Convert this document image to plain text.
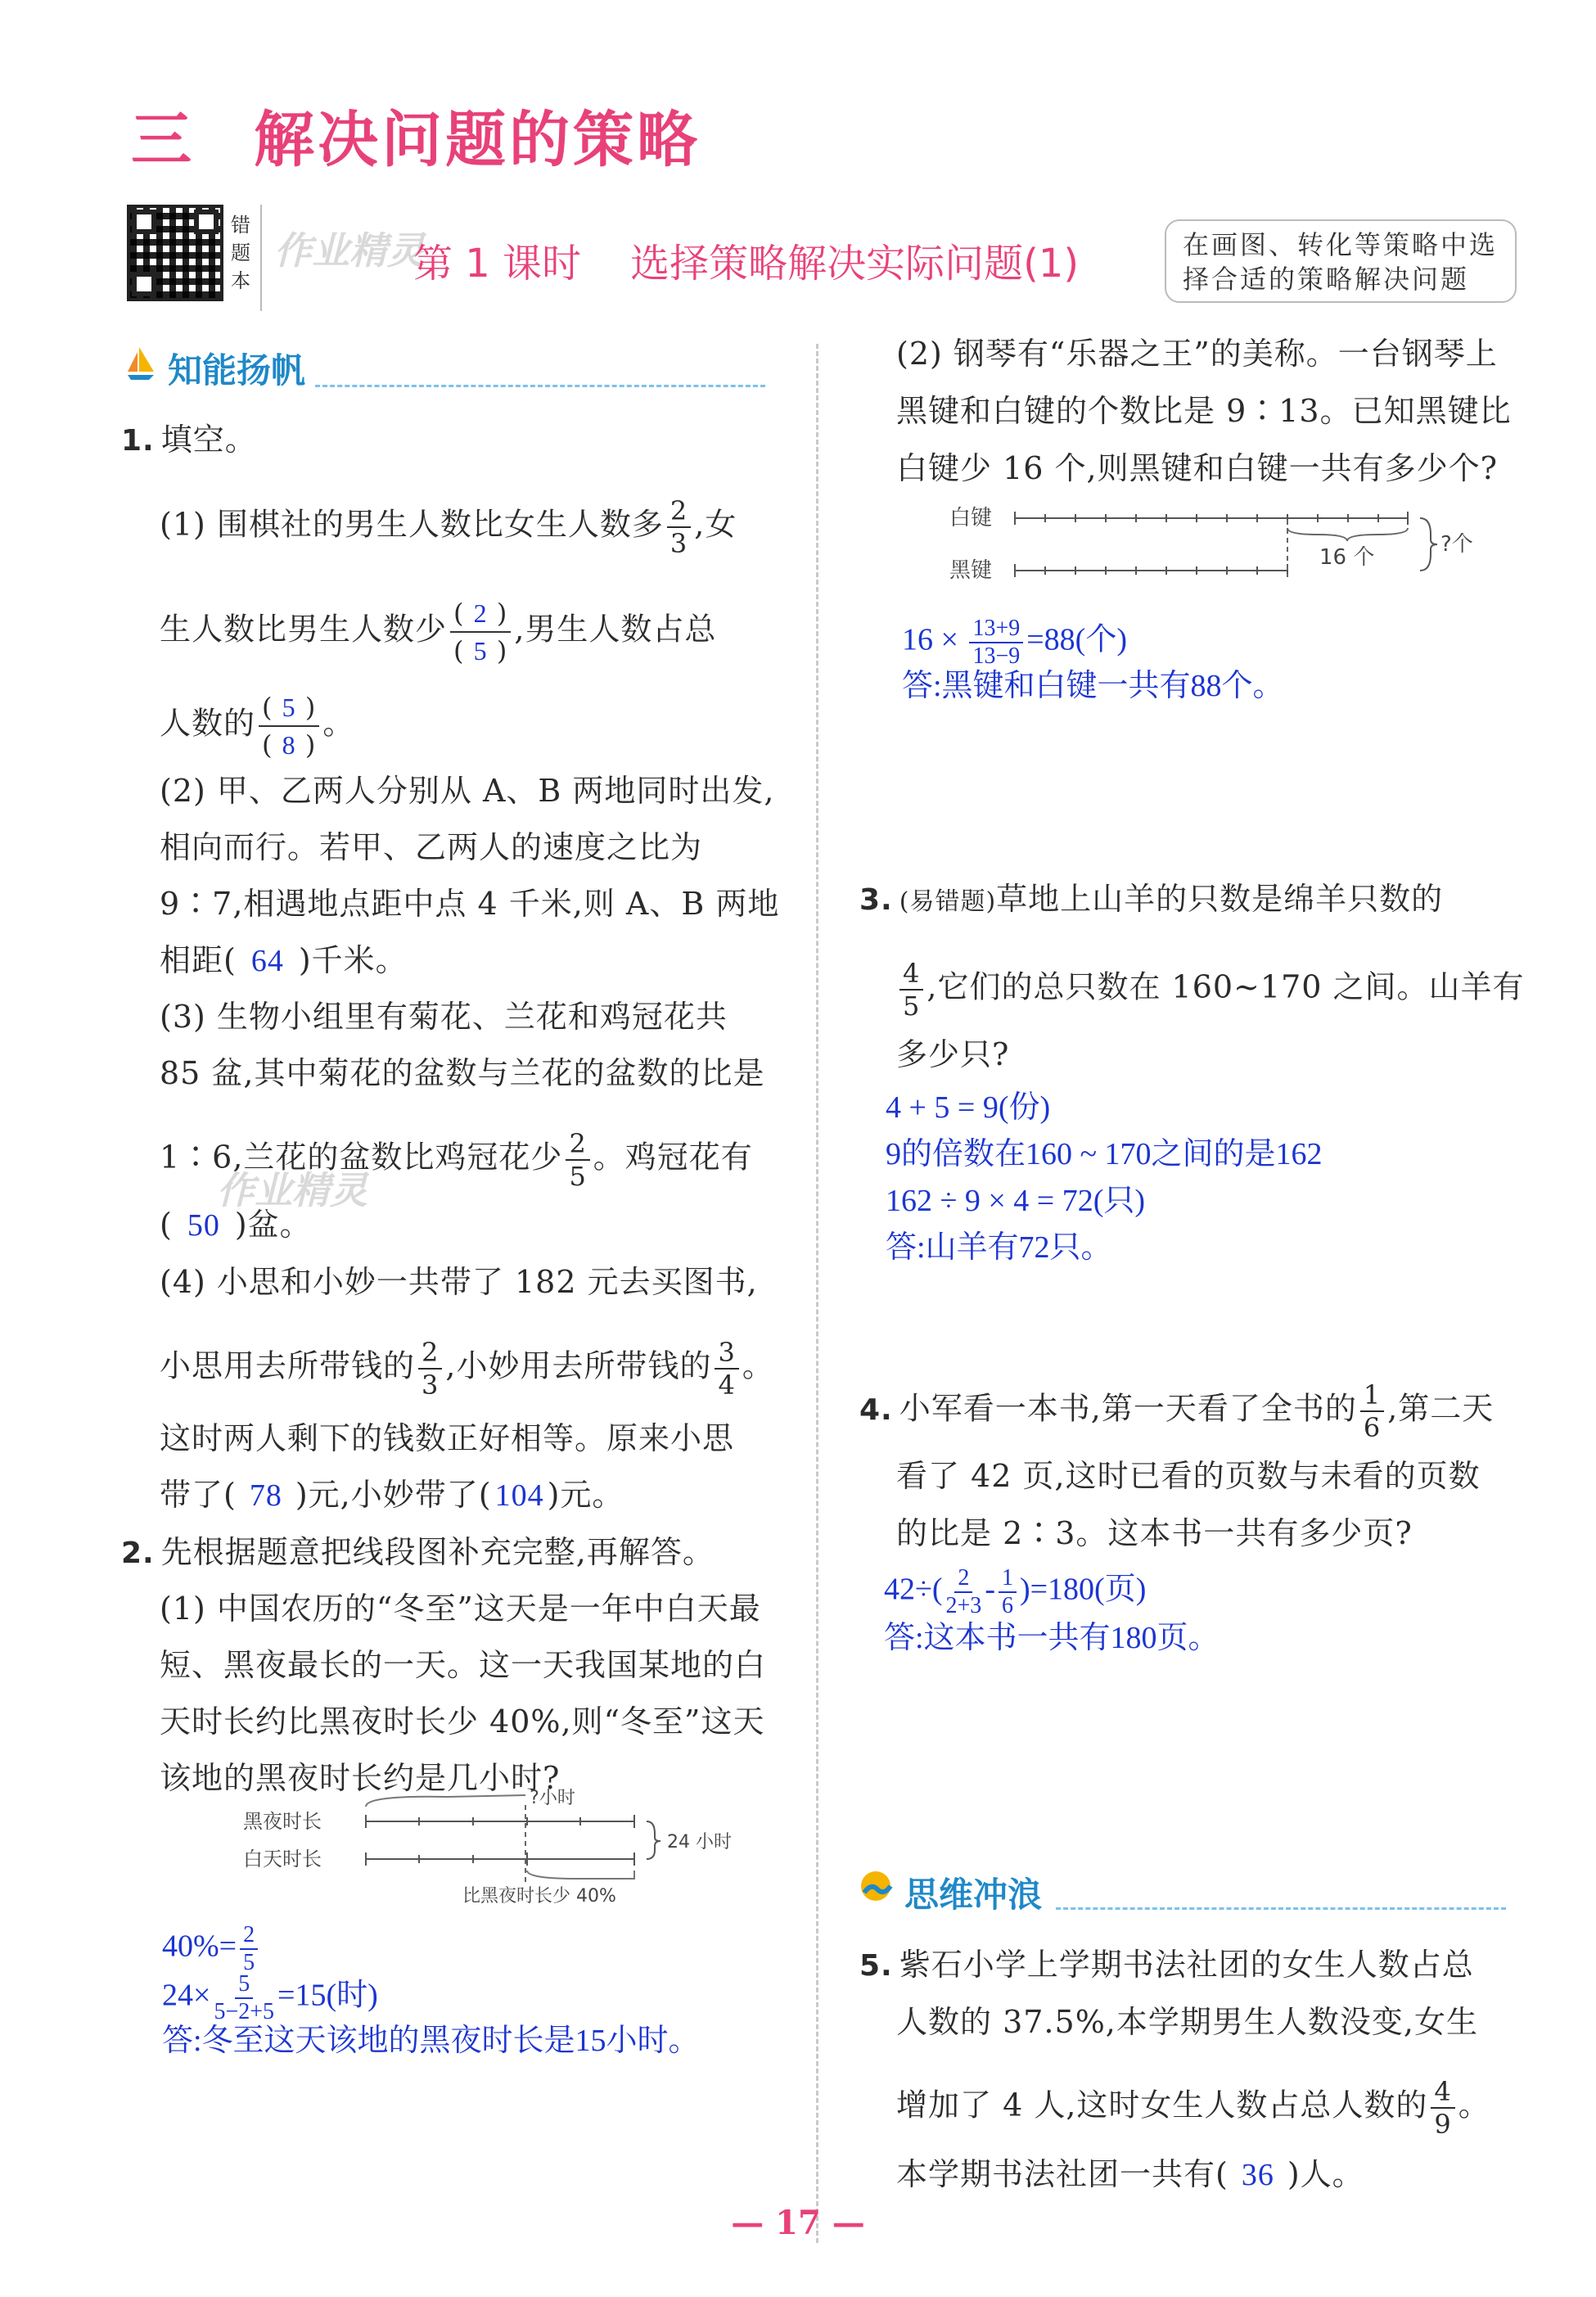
三 解决问题的策略
错题本
作业精灵
第 1 课时 选择策略解决实际问题(1)	在画图、转化等策略中选
择合适的策略解决问题
知能扬帆
1. 填空。
(1) 围棋社的男生人数比女生人数多 $\frac{2}{3}$ ,女
生人数比男生人数少 $\frac{( 2 )}{( 5 )}$ ,男生人数占总
人数的 $\frac{( 5 )}{( 8 )}$ 。
(2) 甲、乙两人分别从 A、B 两地同时出发,
相向而行。若甲、乙两人的速度之比为
9∶7,相遇地点距中点 4 千米,则 A、B 两地
相距( 64 )千米。
(3) 生物小组里有菊花、兰花和鸡冠花共
85 盆,其中菊花的盆数与兰花的盆数的比是
1∶6,兰花的盆数比鸡冠花少 $\frac{2}{5}$ 。鸡冠花有
作业精灵
( 50 )盆。
(4) 小思和小妙一共带了 182 元去买图书,
小思用去所带钱的 $\frac{2}{3}$ ,小妙用去所带钱的 $\frac{3}{4}$ 。
这时两人剩下的钱数正好相等。原来小思
带了( 78 )元,小妙带了( 104 )元。
2. 先根据题意把线段图补充完整,再解答。
(1) 中国农历的“冬至”这天是一年中白天最
短、黑夜最长的一天。这一天我国某地的白
天时长约比黑夜时长少 40%,则“冬至”这天
该地的黑夜时长约是几小时?
?小时
黑夜时长
白天时长
24 小时
比黑夜时长少 40%
$40\%= \frac{2}{5}$
$24\times \frac{5}{5-2+5} =15$(时)
答:冬至这天该地的黑夜时长是15小时。
(2) 钢琴有“乐器之王”的美称。一台钢琴上
黑键和白键的个数比是 9∶13。已知黑键比
白键少 16 个,则黑键和白键一共有多少个?
白键
黑键
16 个
?个
$16 \times \frac{13+9}{13-9} =88$(个)
答:黑键和白键一共有88个。
3. (易错题)草地上山羊的只数是绵羊只数的
$\frac{4}{5}$ ,它们的总只数在 160~170 之间。山羊有
多少只?
4 + 5 = 9(份)
9的倍数在160 ~ 170之间的是162
162 ÷ 9 × 4 = 72(只)
答:山羊有72只。
4. 小军看一本书,第一天看了全书的 $\frac{1}{6}$ ,第二天
看了 42 页,这时已看的页数与未看的页数
的比是 2∶3。这本书一共有多少页?
$42\div( \frac{2}{2+3} - \frac{1}{6} )=180$(页)
答:这本书一共有180页。
思维冲浪
5. 紫石小学上学期书法社团的女生人数占总
人数的 37.5%,本学期男生人数没变,女生
增加了 4 人,这时女生人数占总人数的 $\frac{4}{9}$ 。
本学期书法社团一共有( 36 )人。
— 17 —
